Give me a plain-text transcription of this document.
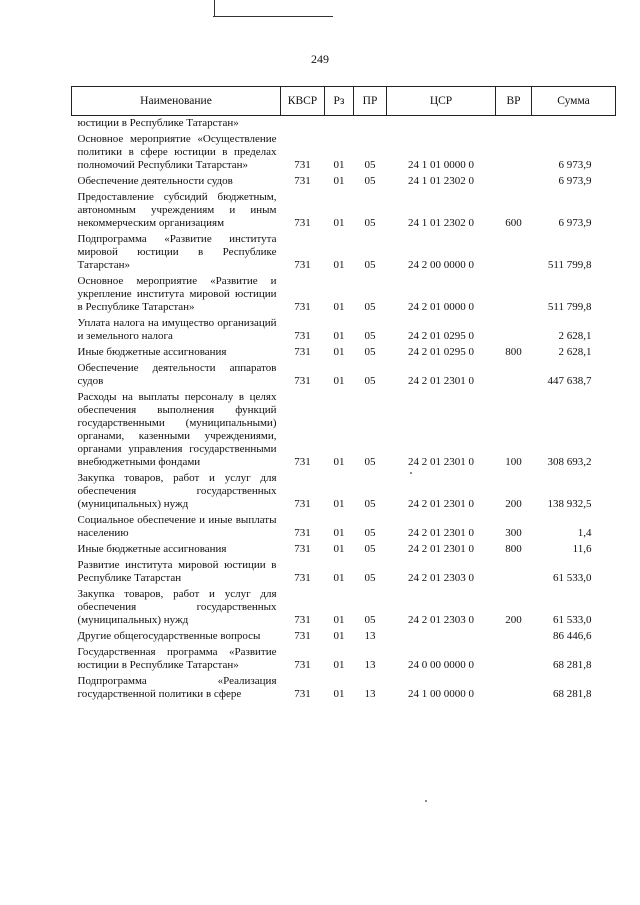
249
Наименование	КВСР	Рз	ПР	ЦСР	ВР	Сумма
юстиции в Республике Татарстан»						
Основное мероприятие «Осуществление политики в сфере юстиции в пределах полномочий Республики Татарстан»	731	01	05	24 1 01 0000 0		6 973,9
Обеспечение деятельности судов	731	01	05	24 1 01 2302 0		6 973,9
Предоставление субсидий бюджетным, автономным учреждениям и иным некоммерческим организациям	731	01	05	24 1 01 2302 0	600	6 973,9
Подпрограмма «Развитие института мировой юстиции в Республике Татарстан»	731	01	05	24 2 00 0000 0		511 799,8
Основное мероприятие «Развитие и укрепление института мировой юстиции в Республике Татарстан»	731	01	05	24 2 01 0000 0		511 799,8
Уплата налога на имущество организаций и земельного налога	731	01	05	24 2 01 0295 0		2 628,1
Иные бюджетные ассигнования	731	01	05	24 2 01 0295 0	800	2 628,1
Обеспечение деятельности аппаратов судов	731	01	05	24 2 01 2301 0		447 638,7
Расходы на выплаты персоналу в целях обеспечения выполнения функций государственными (муниципальными) органами, казенными учреждениями, органами управления государственными внебюджетными фондами	731	01	05	24 2 01 2301 0	100	308 693,2
Закупка товаров, работ и услуг для обеспечения государственных (муниципальных) нужд	731	01	05	24 2 01 2301 0	200	138 932,5
Социальное обеспечение и иные выплаты населению	731	01	05	24 2 01 2301 0	300	1,4
Иные бюджетные ассигнования	731	01	05	24 2 01 2301 0	800	11,6
Развитие института мировой юстиции в Республике Татарстан	731	01	05	24 2 01 2303 0		61 533,0
Закупка товаров, работ и услуг для обеспечения государственных (муниципальных) нужд	731	01	05	24 2 01 2303 0	200	61 533,0
Другие общегосударственные вопросы	731	01	13			86 446,6
Государственная программа «Развитие юстиции в Республике Татарстан»	731	01	13	24 0 00 0000 0		68 281,8
Подпрограмма «Реализация государственной политики в сфере	731	01	13	24 1 00 0000 0		68 281,8
